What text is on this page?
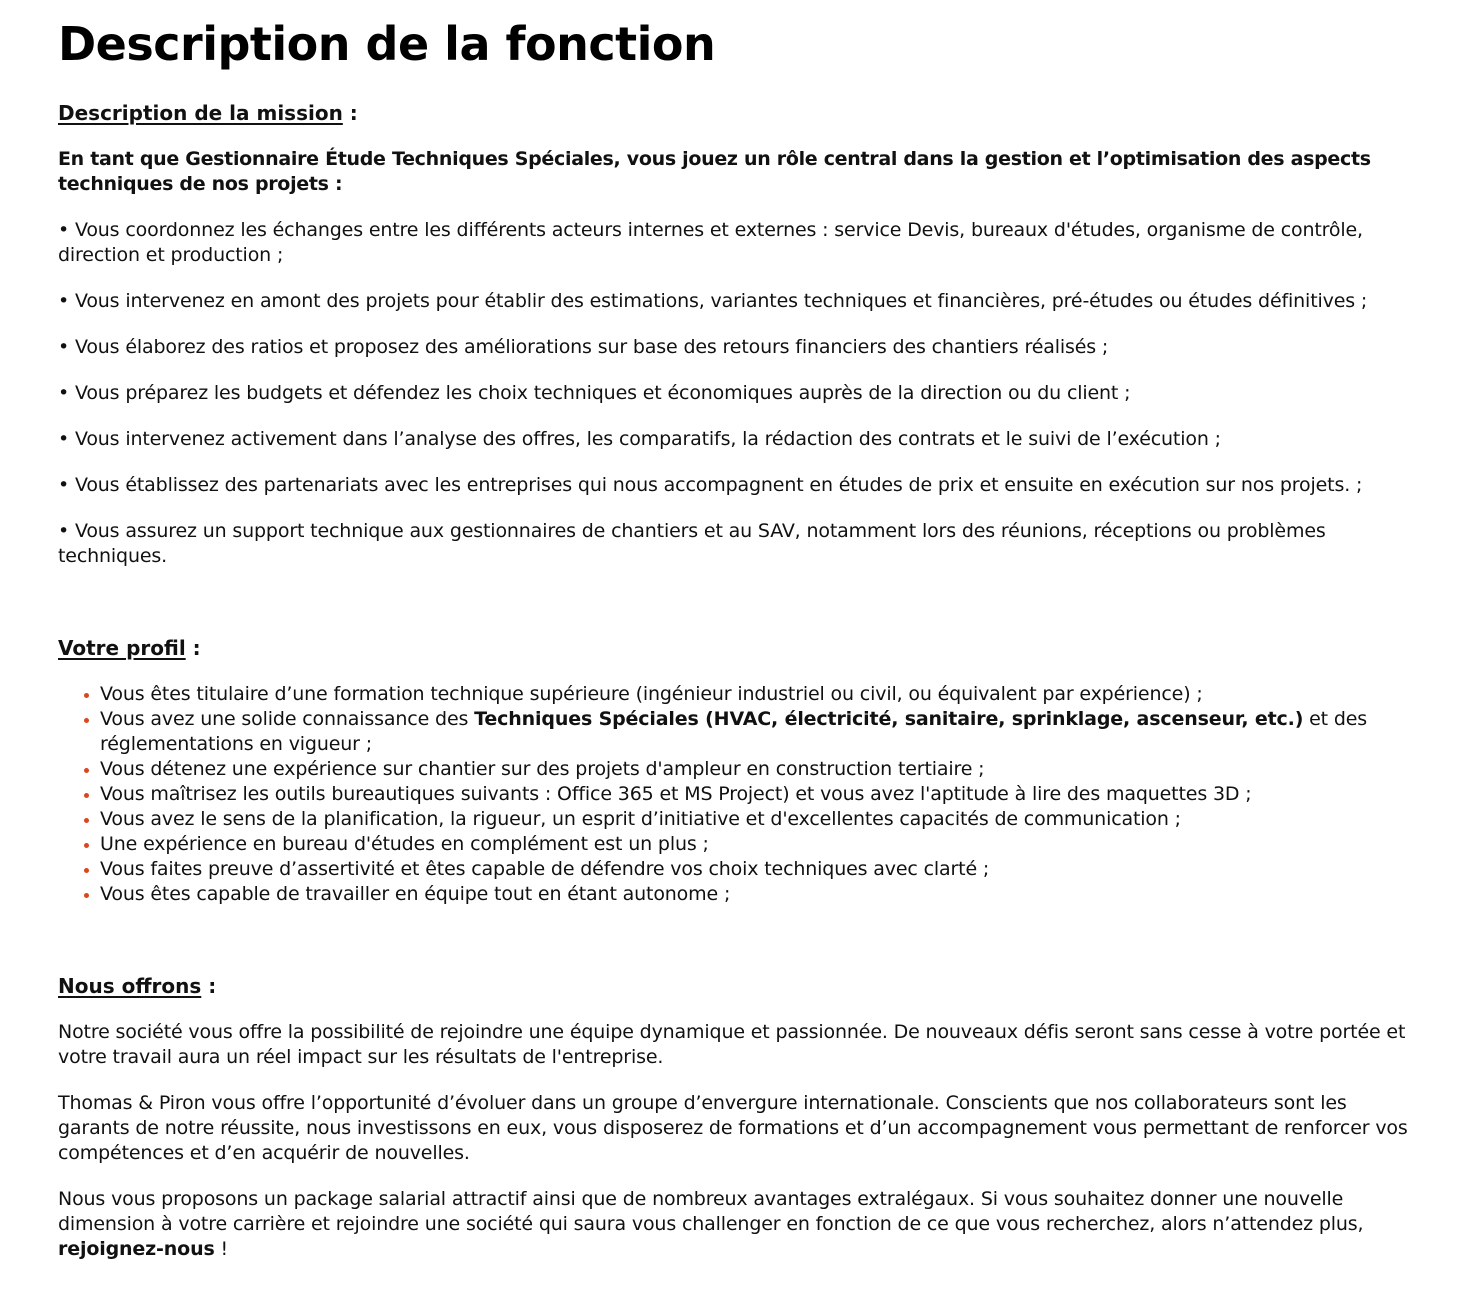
Description de la fonction
Description de la mission :

En tant que Gestionnaire Étude Techniques Spéciales, vous jouez un rôle central dans la gestion et l’optimisation des aspects techniques de nos projets :

• Vous coordonnez les échanges entre les différents acteurs internes et externes : service Devis, bureaux d'études, organisme de contrôle, direction et production ;

• Vous intervenez en amont des projets pour établir des estimations, variantes techniques et financières, pré-études ou études définitives ;

• Vous élaborez des ratios et proposez des améliorations sur base des retours financiers des chantiers réalisés ;

• Vous préparez les budgets et défendez les choix techniques et économiques auprès de la direction ou du client ;

• Vous intervenez activement dans l’analyse des offres, les comparatifs, la rédaction des contrats et le suivi de l’exécution ;

• Vous établissez des partenariats avec les entreprises qui nous accompagnent en études de prix et ensuite en exécution sur nos projets. ;

• Vous assurez un support technique aux gestionnaires de chantiers et au SAV, notamment lors des réunions, réceptions ou problèmes techniques.

Votre profil :
Vous êtes titulaire d’une formation technique supérieure (ingénieur industriel ou civil, ou équivalent par expérience) ;
Vous avez une solide connaissance des Techniques Spéciales (HVAC, électricité, sanitaire, sprinklage, ascenseur, etc.) et des réglementations en vigueur ;
Vous détenez une expérience sur chantier sur des projets d'ampleur en construction tertiaire ;
Vous maîtrisez les outils bureautiques suivants : Office 365 et MS Project) et vous avez l'aptitude à lire des maquettes 3D ;
Vous avez le sens de la planification, la rigueur, un esprit d’initiative et d'excellentes capacités de communication ;
Une expérience en bureau d'études en complément est un plus ;
Vous faites preuve d’assertivité et êtes capable de défendre vos choix techniques avec clarté ;
Vous êtes capable de travailler en équipe tout en étant autonome ;
Nous offrons :

Notre société vous offre la possibilité de rejoindre une équipe dynamique et passionnée. De nouveaux défis seront sans cesse à votre portée et votre travail aura un réel impact sur les résultats de l'entreprise.

Thomas & Piron vous offre l’opportunité d’évoluer dans un groupe d’envergure internationale. Conscients que nos collaborateurs sont les garants de notre réussite, nous investissons en eux, vous disposerez de formations et d’un accompagnement vous permettant de renforcer vos compétences et d’en acquérir de nouvelles.

Nous vous proposons un package salarial attractif ainsi que de nombreux avantages extralégaux. Si vous souhaitez donner une nouvelle dimension à votre carrière et rejoindre une société qui saura vous challenger en fonction de ce que vous recherchez, alors n’attendez plus, rejoignez-nous !
